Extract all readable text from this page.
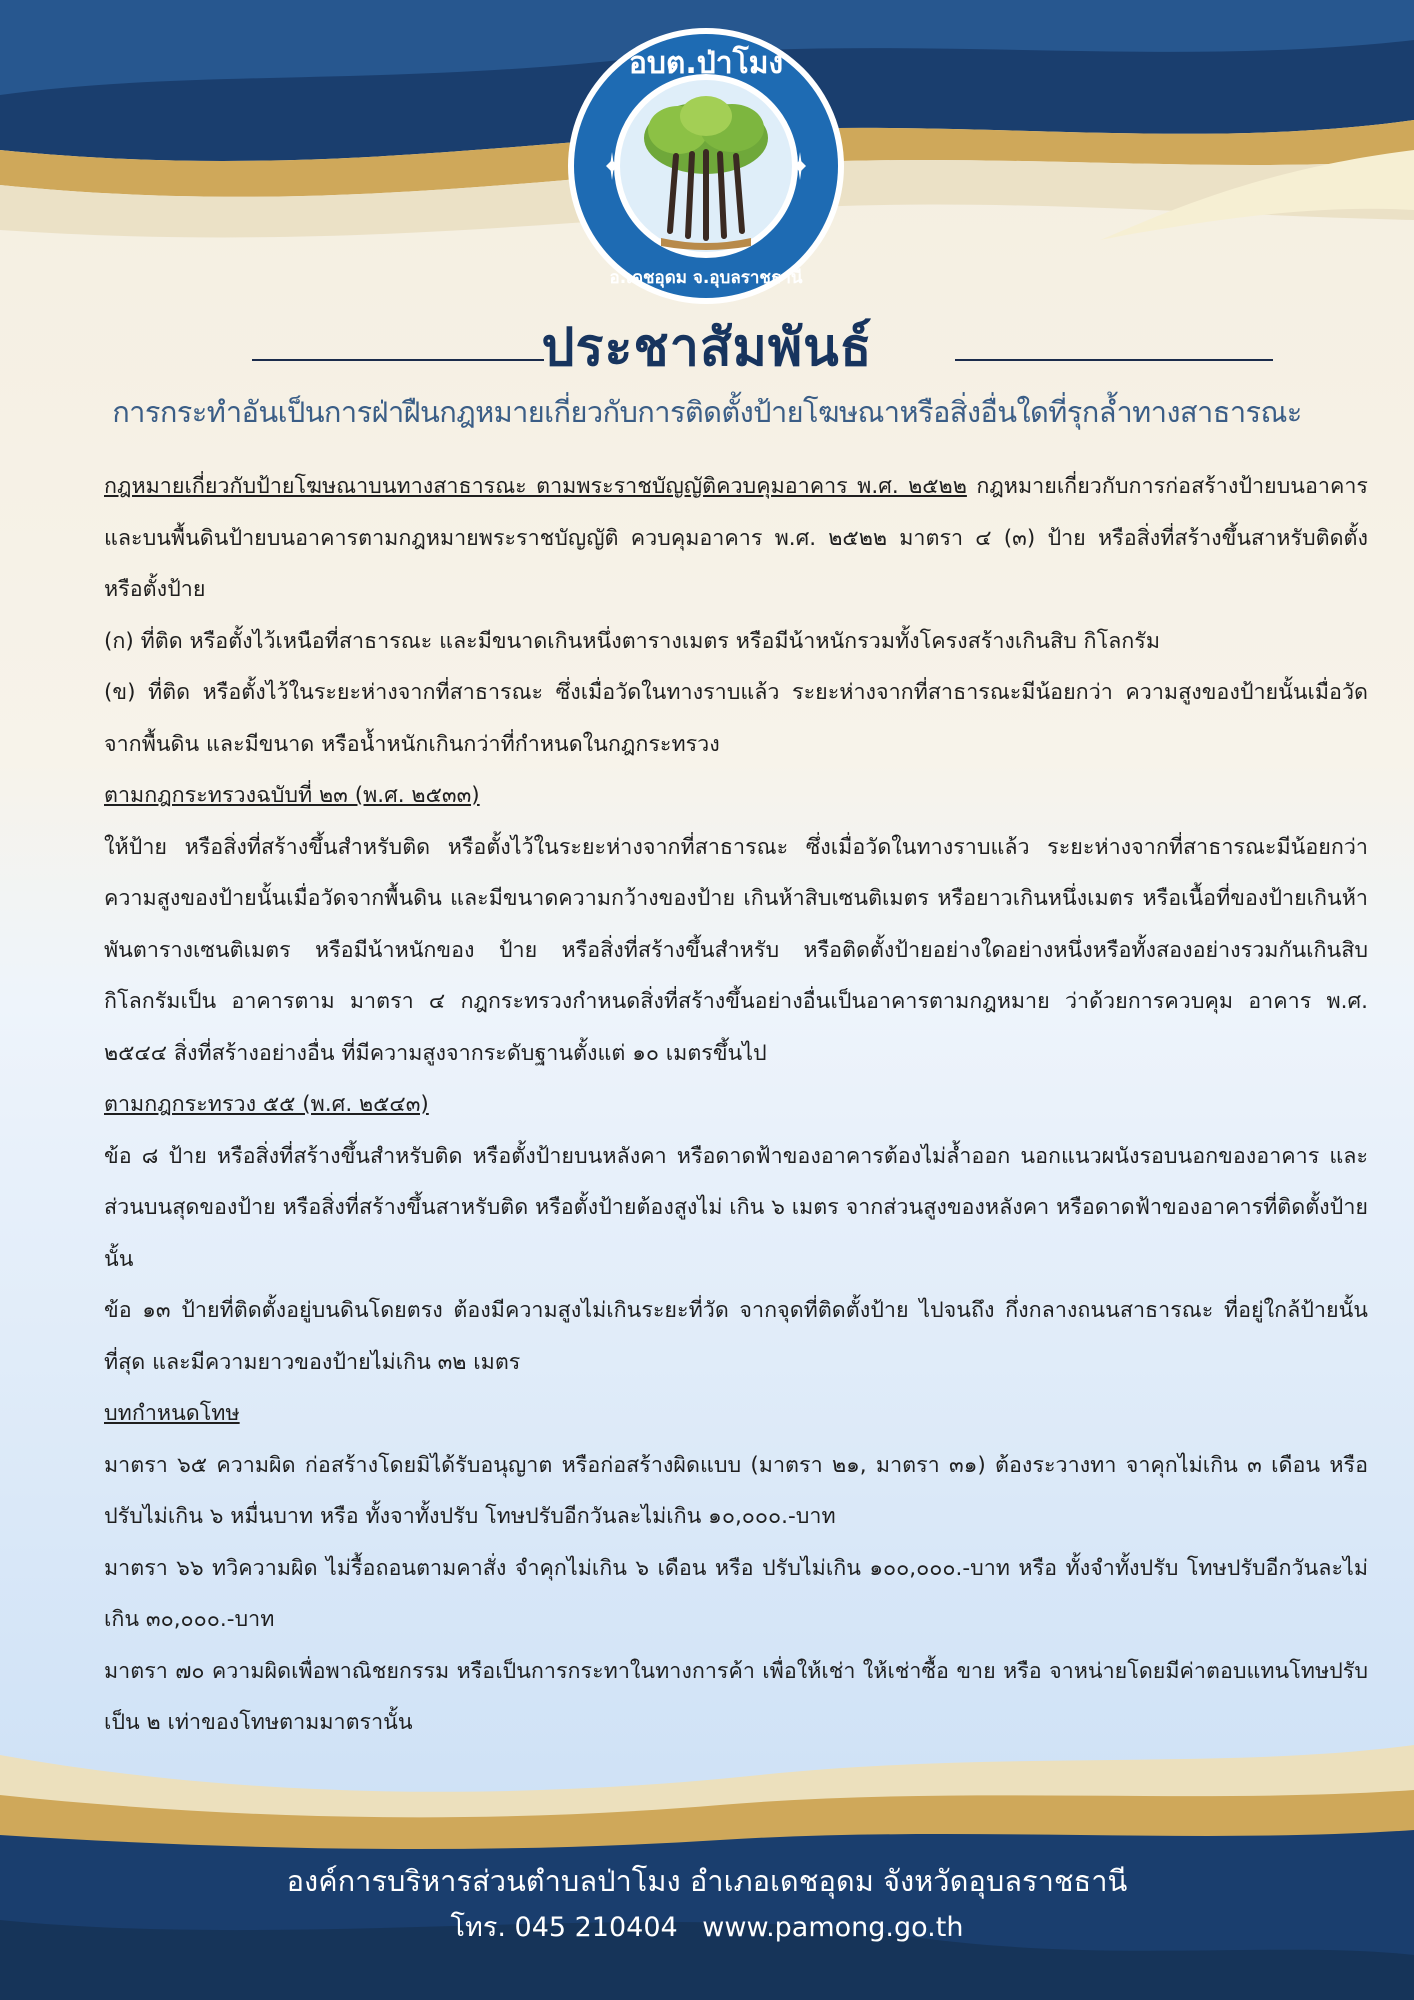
อบต.ป่าโมง
อ.เดชอุดม จ.อุบลราชธานี
ประชาสัมพันธ์
การกระทำอันเป็นการฝ่าฝืนกฎหมายเกี่ยวกับการติดตั้งป้ายโฆษณาหรือสิ่งอื่นใดที่รุกล้ำทางสาธารณะ

กฎหมายเกี่ยวกับป้ายโฆษณาบนทางสาธารณะ ตามพระราชบัญญัติควบคุมอาคาร พ.ศ. ๒๕๒๒ กฎหมายเกี่ยวกับการก่อสร้างป้ายบนอาคาร และบนพื้นดินป้ายบนอาคารตามกฎหมายพระราชบัญญัติ ควบคุมอาคาร พ.ศ. ๒๕๒๒ มาตรา ๔ (๓) ป้าย หรือสิ่งที่สร้างขึ้นสาหรับติดตั้ง หรือตั้งป้าย

(ก) ที่ติด หรือตั้งไว้เหนือที่สาธารณะ และมีขนาดเกินหนึ่งตารางเมตร หรือมีน้าหนักรวมทั้งโครงสร้างเกินสิบ กิโลกรัม

(ข) ที่ติด หรือตั้งไว้ในระยะห่างจากที่สาธารณะ ซึ่งเมื่อวัดในทางราบแล้ว ระยะห่างจากที่สาธารณะมีน้อยกว่า ความสูงของป้ายนั้นเมื่อวัดจากพื้นดิน และมีขนาด หรือน้ำหนักเกินกว่าที่กำหนดในกฎกระทรวง

ตามกฎกระทรวงฉบับที่ ๒๓ (พ.ศ. ๒๕๓๓)

ให้ป้าย หรือสิ่งที่สร้างขึ้นสำหรับติด หรือตั้งไว้ในระยะห่างจากที่สาธารณะ ซึ่งเมื่อวัดในทางราบแล้ว ระยะห่างจากที่สาธารณะมีน้อยกว่าความสูงของป้ายนั้นเมื่อวัดจากพื้นดิน และมีขนาดความกว้างของป้าย เกินห้าสิบเซนติเมตร หรือยาวเกินหนึ่งเมตร หรือเนื้อที่ของป้ายเกินห้าพันตารางเซนติเมตร หรือมีน้าหนักของ ป้าย หรือสิ่งที่สร้างขึ้นสำหรับ หรือติดตั้งป้ายอย่างใดอย่างหนึ่งหรือทั้งสองอย่างรวมกันเกินสิบกิโลกรัมเป็น อาคารตาม มาตรา ๔ กฎกระทรวงกำหนดสิ่งที่สร้างขึ้นอย่างอื่นเป็นอาคารตามกฎหมาย ว่าด้วยการควบคุม อาคาร พ.ศ. ๒๕๔๔ สิ่งที่สร้างอย่างอื่น ที่มีความสูงจากระดับฐานตั้งแต่ ๑๐ เมตรขึ้นไป

ตามกฎกระทรวง ๕๕ (พ.ศ. ๒๕๔๓)

ข้อ ๘ ป้าย หรือสิ่งที่สร้างขึ้นสำหรับติด หรือตั้งป้ายบนหลังคา หรือดาดฟ้าของอาคารต้องไม่ล้ำออก นอกแนวผนังรอบนอกของอาคาร และส่วนบนสุดของป้าย หรือสิ่งที่สร้างขึ้นสาหรับติด หรือตั้งป้ายต้องสูงไม่ เกิน ๖ เมตร จากส่วนสูงของหลังคา หรือดาดฟ้าของอาคารที่ติดตั้งป้ายนั้น

ข้อ ๑๓ ป้ายที่ติดตั้งอยู่บนดินโดยตรง ต้องมีความสูงไม่เกินระยะที่วัด จากจุดที่ติดตั้งป้าย ไปจนถึง กึ่งกลางถนนสาธารณะ ที่อยู่ใกล้ป้ายนั้นที่สุด และมีความยาวของป้ายไม่เกิน ๓๒ เมตร

บทกำหนดโทษ

มาตรา ๖๕ ความผิด ก่อสร้างโดยมิได้รับอนุญาต หรือก่อสร้างผิดแบบ (มาตรา ๒๑, มาตรา ๓๑) ต้องระวางทา จาคุกไม่เกิน ๓ เดือน หรือปรับไม่เกิน ๖ หมื่นบาท หรือ ทั้งจาทั้งปรับ โทษปรับอีกวันละไม่เกิน ๑๐,๐๐๐.-บาท

มาตรา ๖๖ ทวิความผิด ไม่รื้อถอนตามคาสั่ง จำคุกไม่เกิน ๖ เดือน หรือ ปรับไม่เกิน ๑๐๐,๐๐๐.-บาท หรือ ทั้งจำทั้งปรับ โทษปรับอีกวันละไม่เกิน ๓๐,๐๐๐.-บาท

มาตรา ๗๐ ความผิดเพื่อพาณิชยกรรม หรือเป็นการกระทาในทางการค้า เพื่อให้เช่า ให้เช่าซื้อ ขาย หรือ จาหน่ายโดยมีค่าตอบแทนโทษปรับเป็น ๒ เท่าของโทษตามมาตรานั้น

องค์การบริหารส่วนตำบลป่าโมง อำเภอเดชอุดม จังหวัดอุบลราชธานี
โทร. 045 210404 www.pamong.go.th
